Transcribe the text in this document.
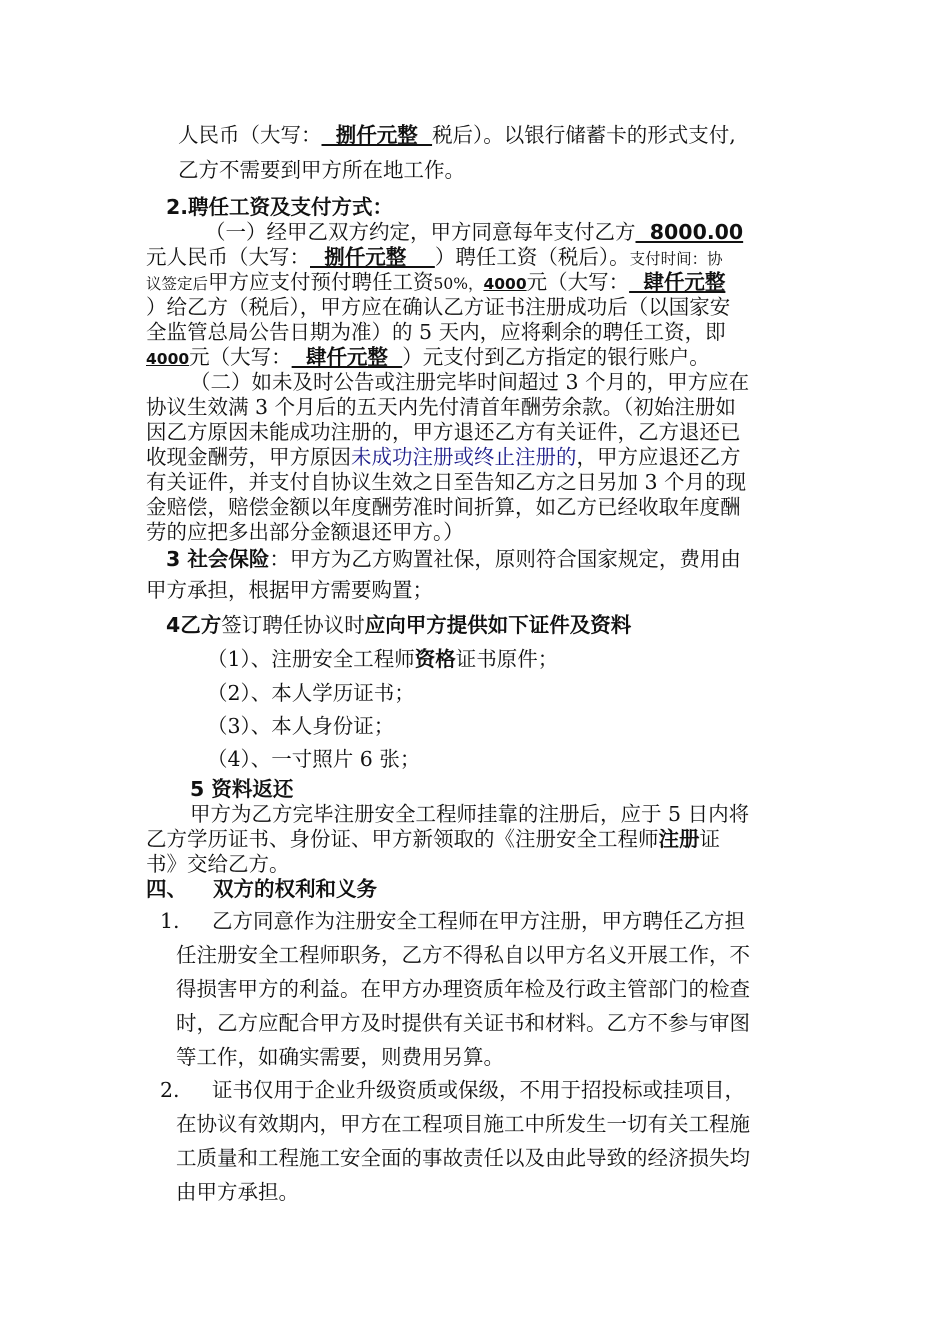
人民币（大写：  捌仟元整  税后）。以银行储蓄卡的形式支付,
乙方不需要到甲方所在地工作。
2.聘任工资及支付方式：
（一）经甲乙双方约定，甲方同意每年支付乙方  8000.00
元人民币（大写：  捌仟元整    ）聘任工资（税后）。支付时间：协
议签定后甲方应支付预付聘任工资50%，4000元（大写：  肆仟元整
）给乙方（税后），甲方应在确认乙方证书注册成功后（以国家安
全监管总局公告日期为准）的 5 天内，应将剩余的聘任工资，即
4000元（大写：  肆仟元整  ）元支付到乙方指定的银行账户。
（二）如未及时公告或注册完毕时间超过 3 个月的，甲方应在
协议生效满 3 个月后的五天内先付清首年酬劳余款。（初始注册如
因乙方原因未能成功注册的，甲方退还乙方有关证件，乙方退还已
收现金酬劳，甲方原因未成功注册或终止注册的，甲方应退还乙方
有关证件，并支付自协议生效之日至告知乙方之日另加 3 个月的现
金赔偿，赔偿金额以年度酬劳准时间折算，如乙方已经收取年度酬
劳的应把多出部分金额退还甲方。）
3 社会保险：甲方为乙方购置社保，原则符合国家规定，费用由
甲方承担，根据甲方需要购置；
4乙方签订聘任协议时应向甲方提供如下证件及资料
（1）、注册安全工程师资格证书原件；
（2）、本人学历证书；
（3）、本人身份证；
（4）、一寸照片 6 张；
5 资料返还
甲方为乙方完毕注册安全工程师挂靠的注册后，应于 5 日内将
乙方学历证书、身份证、甲方新领取的《注册安全工程师注册证
书》交给乙方。
四、 双方的权利和义务
1. 乙方同意作为注册安全工程师在甲方注册，甲方聘任乙方担
任注册安全工程师职务，乙方不得私自以甲方名义开展工作，不
得损害甲方的利益。在甲方办理资质年检及行政主管部门的检查
时，乙方应配合甲方及时提供有关证书和材料。乙方不参与审图
等工作，如确实需要，则费用另算。
2. 证书仅用于企业升级资质或保级，不用于招投标或挂项目，
在协议有效期内，甲方在工程项目施工中所发生一切有关工程施
工质量和工程施工安全面的事故责任以及由此导致的经济损失均
由甲方承担。
